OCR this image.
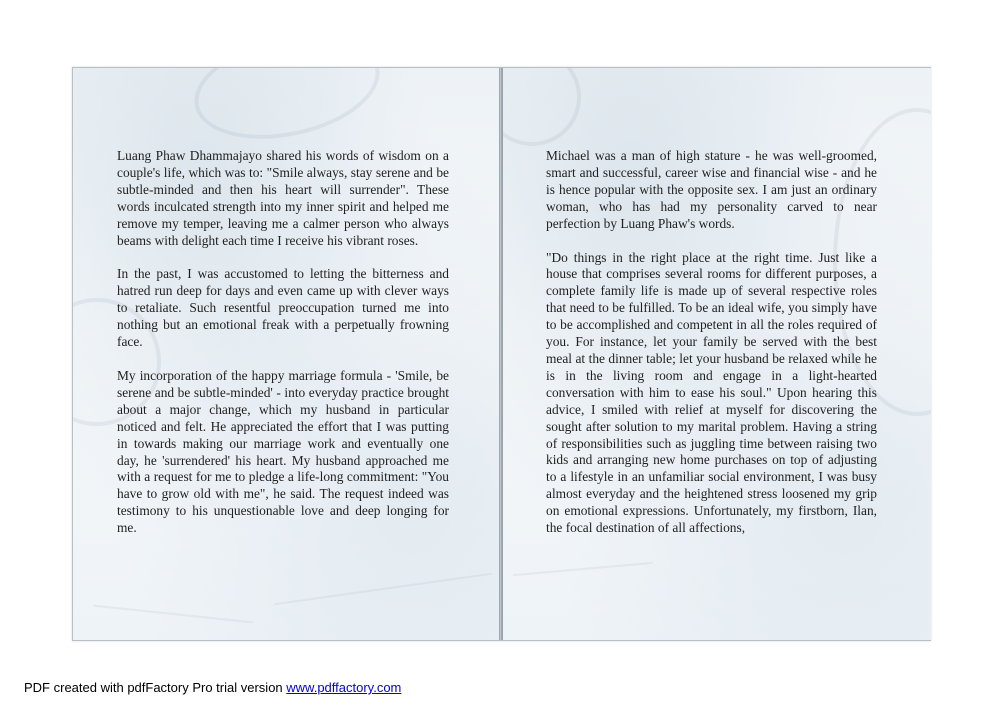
Luang Phaw Dhammajayo shared his words of wisdom on a couple's life, which was to: "Smile always, stay serene and be subtle-minded and then his heart will surrender". These words inculcated strength into my inner spirit and helped me remove my temper, leaving me a calmer person who always beams with delight each time I receive his vibrant roses.

In the past, I was accustomed to letting the bitterness and hatred run deep for days and even came up with clever ways to retaliate. Such resentful preoccupation turned me into nothing but an emotional freak with a perpetually frowning face.

My incorporation of the happy marriage formula - 'Smile, be serene and be subtle-minded' - into everyday practice brought about a major change, which my husband in particular noticed and felt. He appreciated the effort that I was putting in towards making our marriage work and eventually one day, he 'surrendered' his heart. My husband approached me with a request for me to pledge a life-long commitment: "You have to grow old with me", he said. The request indeed was testimony to his unquestionable love and deep longing for me.

Michael was a man of high stature - he was well-groomed, smart and successful, career wise and financial wise - and he is hence popular with the opposite sex. I am just an ordinary woman, who has had my personality carved to near perfection by Luang Phaw's words.

"Do things in the right place at the right time. Just like a house that comprises several rooms for different purposes, a complete family life is made up of several respective roles that need to be fulfilled. To be an ideal wife, you simply have to be accomplished and competent in all the roles required of you. For instance, let your family be served with the best meal at the dinner table; let your husband be relaxed while he is in the living room and engage in a light-hearted conversation with him to ease his soul." Upon hearing this advice, I smiled with relief at myself for discovering the sought after solution to my marital problem. Having a string of responsibilities such as juggling time between raising two kids and arranging new home purchases on top of adjusting to a lifestyle in an unfamiliar social environment, I was busy almost everyday and the heightened stress loosened my grip on emotional expressions. Unfortunately, my firstborn, Ilan, the focal destination of all affections,

PDF created with pdfFactory Pro trial version www.pdffactory.com
